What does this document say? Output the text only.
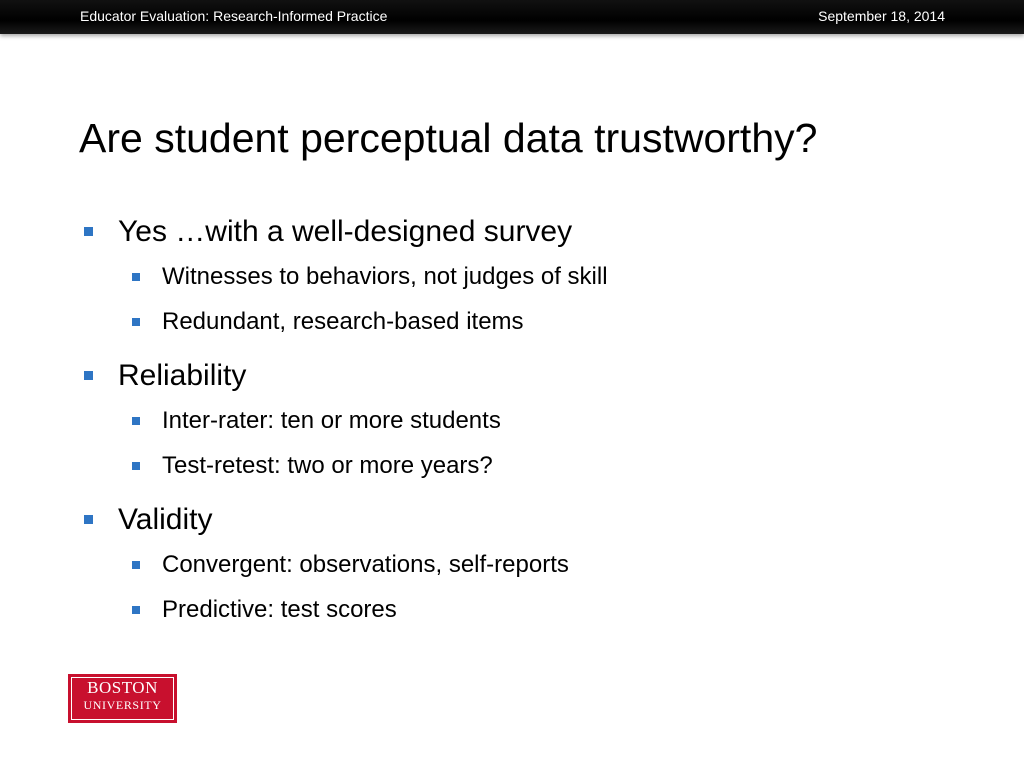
Educator Evaluation: Research-Informed Practice	September 18, 2014
Are student perceptual data trustworthy?
Yes …with a well-designed survey
Witnesses to behaviors, not judges of skill
Redundant, research-based items
Reliability
Inter-rater: ten or more students
Test-retest: two or more years?
Validity
Convergent: observations, self-reports
Predictive: test scores
BOSTON
UNIVERSITY
